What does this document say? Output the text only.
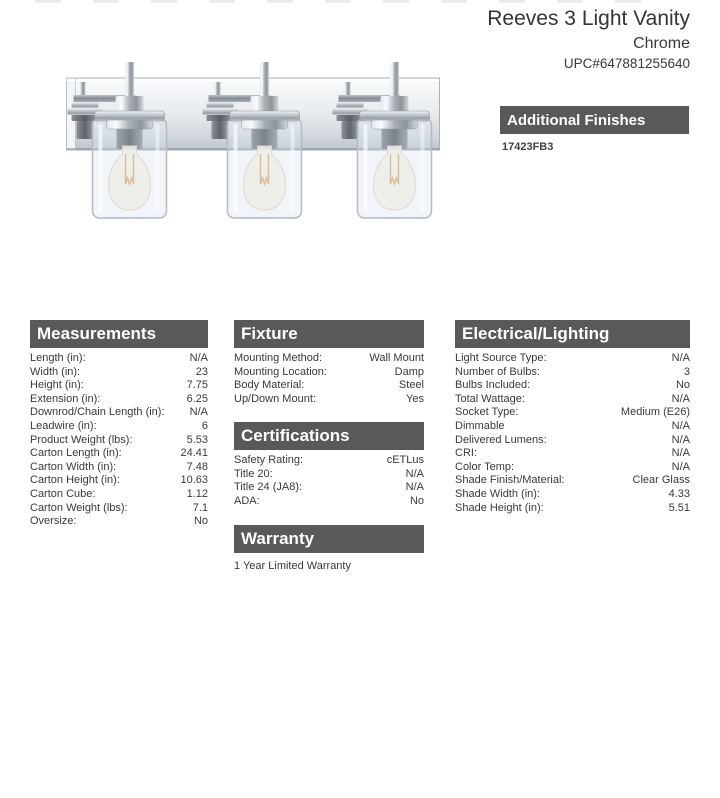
Reeves 3 Light Vanity
Chrome
UPC#647881255640
Additional Finishes
17423FB3
Measurements
Length (in):	N/A
Width (in):	23
Height (in):	7.75
Extension (in):	6.25
Downrod/Chain Length (in): N/A
Leadwire (in):	6
Product Weight (lbs):	5.53
Carton Length (in):	24.41
Carton Width (in):	7.48
Carton Height (in):	10.63
Carton Cube:	1.12
Carton Weight (lbs):	7.1
Oversize:	No
Fixture
Mounting Method:	Wall Mount
Mounting Location:	Damp
Body Material:	Steel
Up/Down Mount:	Yes
Certifications
Safety Rating:	cETLus
Title 20:	N/A
Title 24 (JA8):	N/A
ADA:	No
Warranty
1 Year Limited Warranty
Electrical/Lighting
Light Source Type:	N/A
Number of Bulbs:	3
Bulbs Included:	No
Total Wattage:	N/A
Socket Type:	Medium (E26)
Dimmable	N/A
Delivered Lumens:	N/A
CRI:	N/A
Color Temp:	N/A
Shade Finish/Material:	Clear Glass
Shade Width (in):	4.33
Shade Height (in):	5.51
